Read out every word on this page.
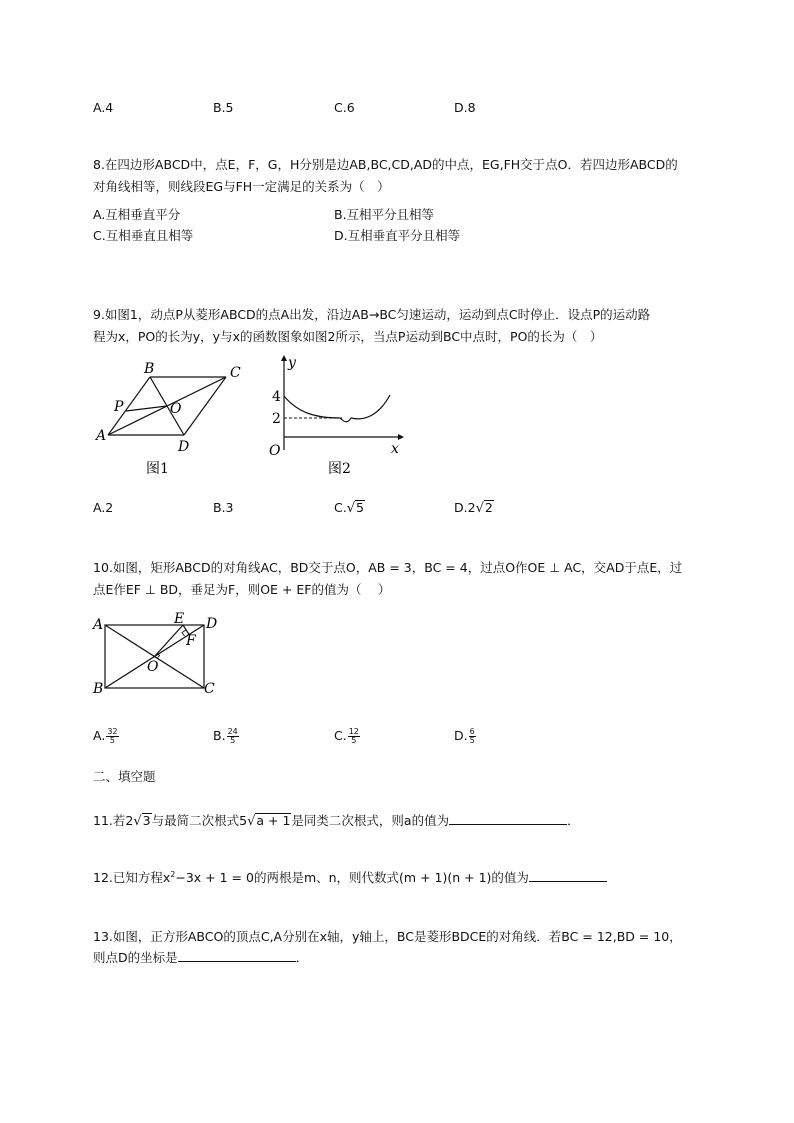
A.4	B.5	C.6	D.8
8.在四边形ABCD中，点E，F，G，H分别是边AB,BC,CD,AD的中点，EG,FH交于点O．若四边形ABCD的
对角线相等，则线段EG与FH一定满足的关系为（　）
A.互相垂直平分	B.互相平分且相等
C.互相垂直且相等	D.互相垂直平分且相等
9.如图1，动点P从菱形ABCD的点A出发，沿边AB→BC匀速运动，运动到点C时停止．设点P的运动路
程为x，PO的长为y，y与x的函数图象如图2所示，当点P运动到BC中点时，PO的长为（　）
A
B	C
D
P	O
图1
y
x
O
4
2
图2
A.2	B.3	C.√5	D.2√2
10.如图，矩形ABCD的对角线AC，BD交于点O，AB = 3，BC = 4，过点O作OE ⊥ AC，交AD于点E，过
点E作EF ⊥ BD，垂足为F，则OE + EF的值为（　 ）
A
B	C
D
E
F
O
A. $\frac{32}{5}$	B. $\frac{24}{5}$	C. $\frac{12}{5}$	D. $\frac{6}{5}$
二、填空题
11.若2√3与最简二次根式5√a + 1是同类二次根式，则a的值为	．
12.已知方程$x^2-3x + 1 = 0$的两根是m、n，则代数式(m + 1)(n + 1)的值为
13.如图，正方形ABCO的顶点C,A分别在x轴，y轴上，BC是菱形BDCE的对角线．若BC = 12,BD = 10，
则点D的坐标是	．
